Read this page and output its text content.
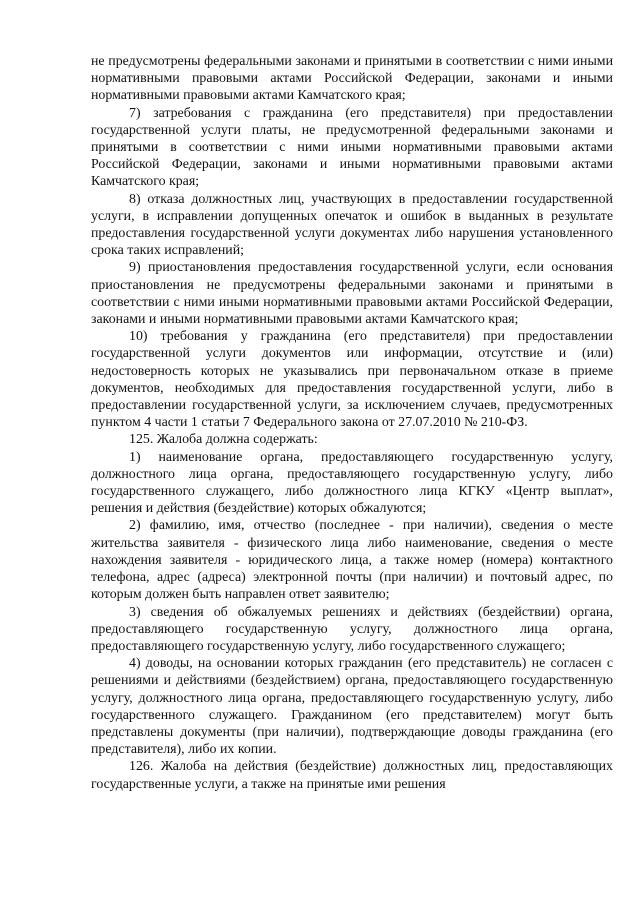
не предусмотрены федеральными законами и принятыми в соответствии с ними иными нормативными правовыми актами Российской Федерации, законами и иными нормативными правовыми актами Камчатского края;

7) затребования с гражданина (его представителя) при предоставлении государственной услуги платы, не предусмотренной федеральными законами и принятыми в соответствии с ними иными нормативными правовыми актами Российской Федерации, законами и иными нормативными правовыми актами Камчатского края;

8) отказа должностных лиц, участвующих в предоставлении государственной услуги, в исправлении допущенных опечаток и ошибок в выданных в результате предоставления государственной услуги документах либо нарушения установленного срока таких исправлений;

9) приостановления предоставления государственной услуги, если основания приостановления не предусмотрены федеральными законами и принятыми в соответствии с ними иными нормативными правовыми актами Российской Федерации, законами и иными нормативными правовыми актами Камчатского края;

10) требования у гражданина (его представителя) при предоставлении государственной услуги документов или информации, отсутствие и (или) недостоверность которых не указывались при первоначальном отказе в приеме документов, необходимых для предоставления государственной услуги, либо в предоставлении государственной услуги, за исключением случаев, предусмотренных пунктом 4 части 1 статьи 7 Федерального закона от 27.07.2010 № 210-ФЗ.

125. Жалоба должна содержать:

1) наименование органа, предоставляющего государственную услугу, должностного лица органа, предоставляющего государственную услугу, либо государственного служащего, либо должностного лица КГКУ «Центр выплат», решения и действия (бездействие) которых обжалуются;

2) фамилию, имя, отчество (последнее - при наличии), сведения о месте жительства заявителя - физического лица либо наименование, сведения о месте нахождения заявителя - юридического лица, а также номер (номера) контактного телефона, адрес (адреса) электронной почты (при наличии) и почтовый адрес, по которым должен быть направлен ответ заявителю;

3) сведения об обжалуемых решениях и действиях (бездействии) органа, предоставляющего государственную услугу, должностного лица органа, предоставляющего государственную услугу, либо государственного служащего;

4) доводы, на основании которых гражданин (его представитель) не согласен с решениями и действиями (бездействием) органа, предоставляющего государственную услугу, должностного лица органа, предоставляющего государственную услугу, либо государственного служащего. Гражданином (его представителем) могут быть представлены документы (при наличии), подтверждающие доводы гражданина (его представителя), либо их копии.

126. Жалоба на действия (бездействие) должностных лиц, предоставляющих государственные услуги, а также на принятые ими решения
